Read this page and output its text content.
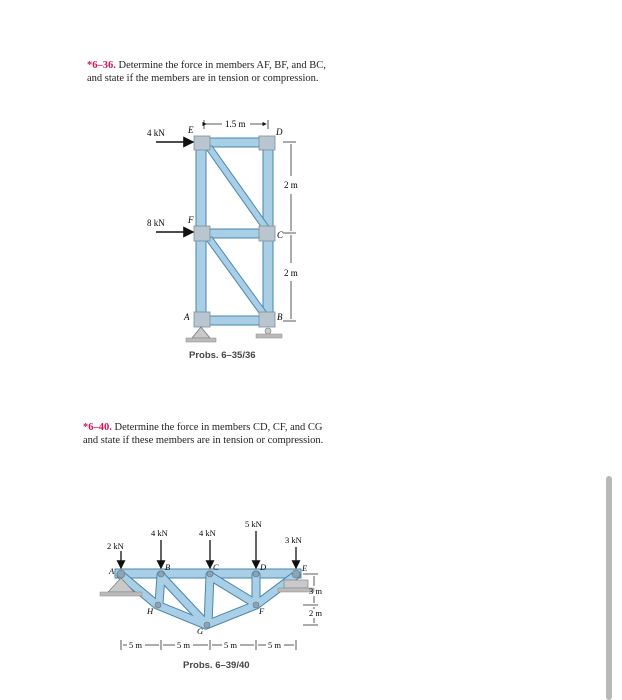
*6–36. Determine the force in members AF, BF, and BC,
and state if the members are in tension or compression.
4 kN
8 kN
1.5 m
2 m
2 m
E	D
F
C
A	B
Probs. 6–35/36
*6–40. Determine the force in members CD, CF, and CG
and state if these members are in tension or compression.
2 kN
4 kN	4 kN
5 kN
3 kN
A	B	C	D	E
F
G
H
5 m	5 m	5 m	5 m
3 m
2 m
Probs. 6–39/40
